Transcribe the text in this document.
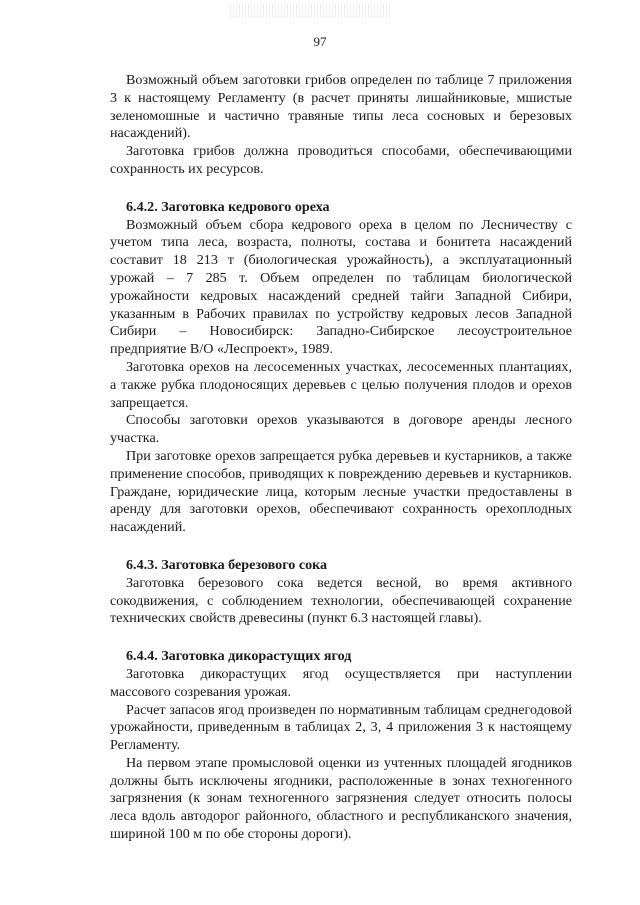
97

Возможный объем заготовки грибов определен по таблице 7 приложения 3 к настоящему Регламенту (в расчет приняты лишайниковые, мшистые зеленомошные и частично травяные типы леса сосновых и березовых насаждений).

Заготовка грибов должна проводиться способами, обеспечивающими сохранность их ресурсов.

6.4.2. Заготовка кедрового ореха

Возможный объем сбора кедрового ореха в целом по Лесничеству с учетом типа леса, возраста, полноты, состава и бонитета насаждений составит 18 213 т (биологическая урожайность), а эксплуатационный урожай – 7 285 т. Объем определен по таблицам биологической урожайности кедровых насаждений средней тайги Западной Сибири, указанным в Рабочих правилах по устройству кедровых лесов Западной Сибири – Новосибирск: Западно-Сибирское лесоустроительное предприятие В/О «Леспроект», 1989.

Заготовка орехов на лесосеменных участках, лесосеменных плантациях, а также рубка плодоносящих деревьев с целью получения плодов и орехов запрещается.

Способы заготовки орехов указываются в договоре аренды лесного участка.

При заготовке орехов запрещается рубка деревьев и кустарников, а также применение способов, приводящих к повреждению деревьев и кустарников. Граждане, юридические лица, которым лесные участки предоставлены в аренду для заготовки орехов, обеспечивают сохранность орехоплодных насаждений.

6.4.3. Заготовка березового сока

Заготовка березового сока ведется весной, во время активного сокодвижения, с соблюдением технологии, обеспечивающей сохранение технических свойств древесины (пункт 6.3 настоящей главы).

6.4.4. Заготовка дикорастущих ягод

Заготовка дикорастущих ягод осуществляется при наступлении массового созревания урожая.

Расчет запасов ягод произведен по нормативным таблицам среднегодовой урожайности, приведенным в таблицах 2, 3, 4 приложения 3 к настоящему Регламенту.

На первом этапе промысловой оценки из учтенных площадей ягодников должны быть исключены ягодники, расположенные в зонах техногенного загрязнения (к зонам техногенного загрязнения следует относить полосы леса вдоль автодорог районного, областного и республиканского значения, шириной 100 м по обе стороны дороги).
